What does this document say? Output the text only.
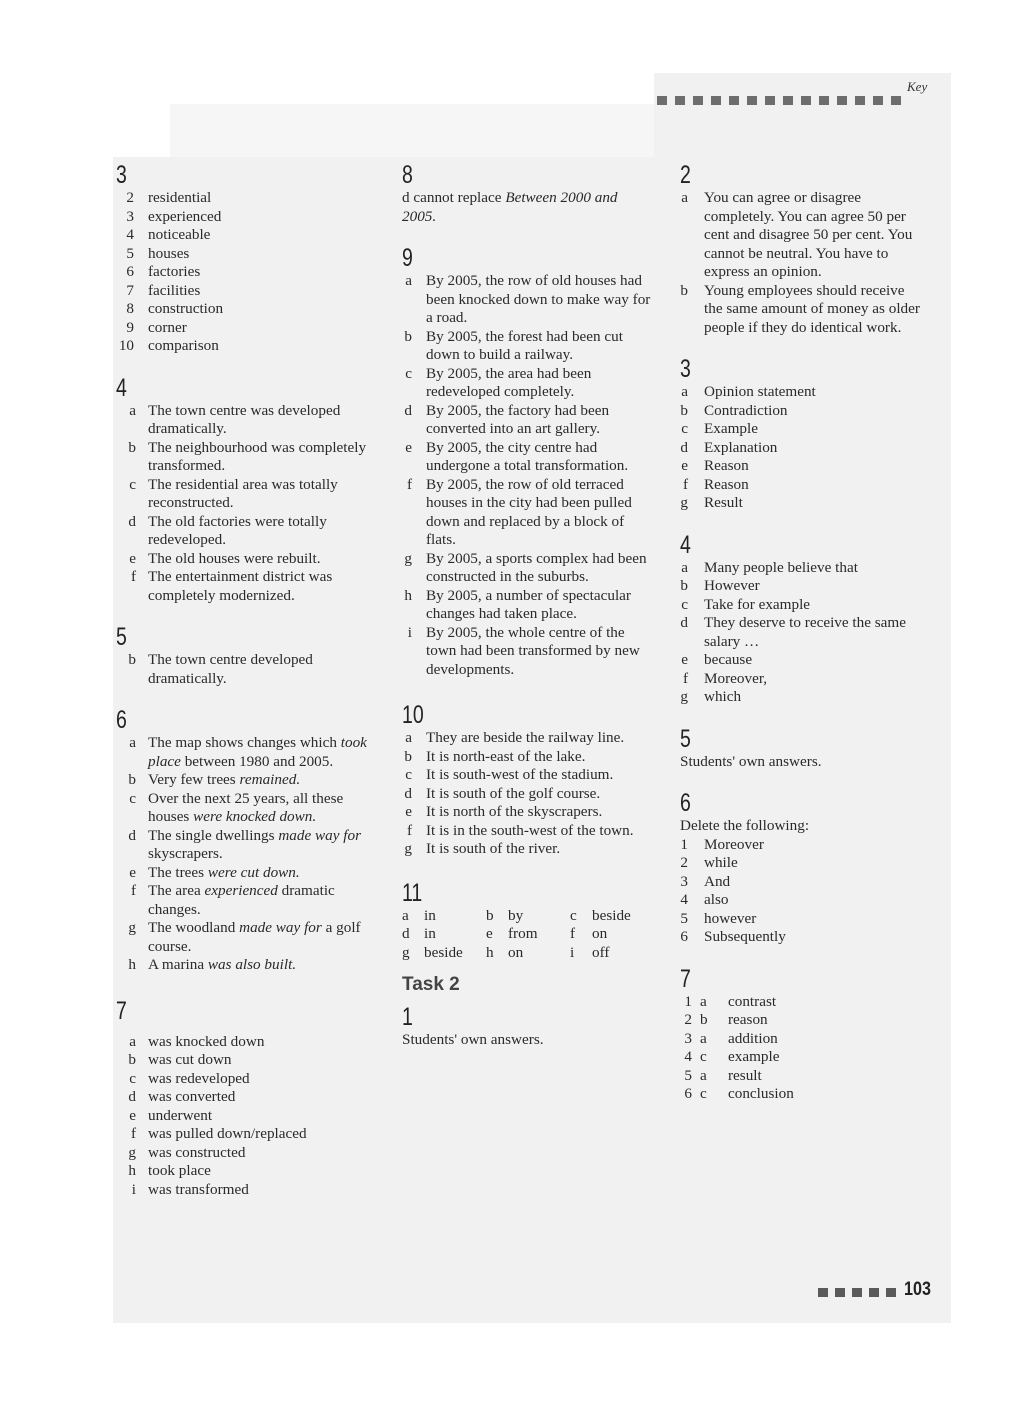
Key
3
2 residential
3 experienced
4 noticeable
5 houses
6 factories
7 facilities
8 construction
9 corner
10 comparison
4
a The town centre was developed dramatically.
b The neighbourhood was completely transformed.
c The residential area was totally reconstructed.
d The old factories were totally redeveloped.
e The old houses were rebuilt.
f The entertainment district was completely modernized.
5
b The town centre developed dramatically.
6
a The map shows changes which took place between 1980 and 2005.
b Very few trees remained.
c Over the next 25 years, all these houses were knocked down.
d The single dwellings made way for skyscrapers.
e The trees were cut down.
f The area experienced dramatic changes.
g The woodland made way for a golf course.
h A marina was also built.
7
a was knocked down
b was cut down
c was redeveloped
d was converted
e underwent
f was pulled down/replaced
g was constructed
h took place
i was transformed
8
d cannot replace Between 2000 and 2005.
9
a By 2005, the row of old houses had been knocked down to make way for a road.
b By 2005, the forest had been cut down to build a railway.
c By 2005, the area had been redeveloped completely.
d By 2005, the factory had been converted into an art gallery.
e By 2005, the city centre had undergone a total transformation.
f By 2005, the row of old terraced houses in the city had been pulled down and replaced by a block of flats.
g By 2005, a sports complex had been constructed in the suburbs.
h By 2005, a number of spectacular changes had taken place.
i By 2005, the whole centre of the town had been transformed by new developments.
10
a They are beside the railway line.
b It is north-east of the lake.
c It is south-west of the stadium.
d It is south of the golf course.
e It is north of the skyscrapers.
f It is in the south-west of the town.
g It is south of the river.
11
a	in	b by	c	beside
d in	e	from	f	on
g beside	h on	i	off
Task 2
1
Students' own answers.
2
a You can agree or disagree completely. You can agree 50 per cent and disagree 50 per cent. You cannot be neutral. You have to express an opinion.
b Young employees should receive the same amount of money as older people if they do identical work.
3
a Opinion statement
b Contradiction
c Example
d Explanation
e Reason
f Reason
g Result
4
a Many people believe that
b However
c Take for example
d They deserve to receive the same salary …
e because
f Moreover,
g which
5
Students' own answers.
6
Delete the following:
1 Moreover
2 while
3 And
4 also
5 however
6 Subsequently
7
1 a	contrast
2 b reason
3 a	addition
4 c	example
5 a	result
6 c	conclusion
103
